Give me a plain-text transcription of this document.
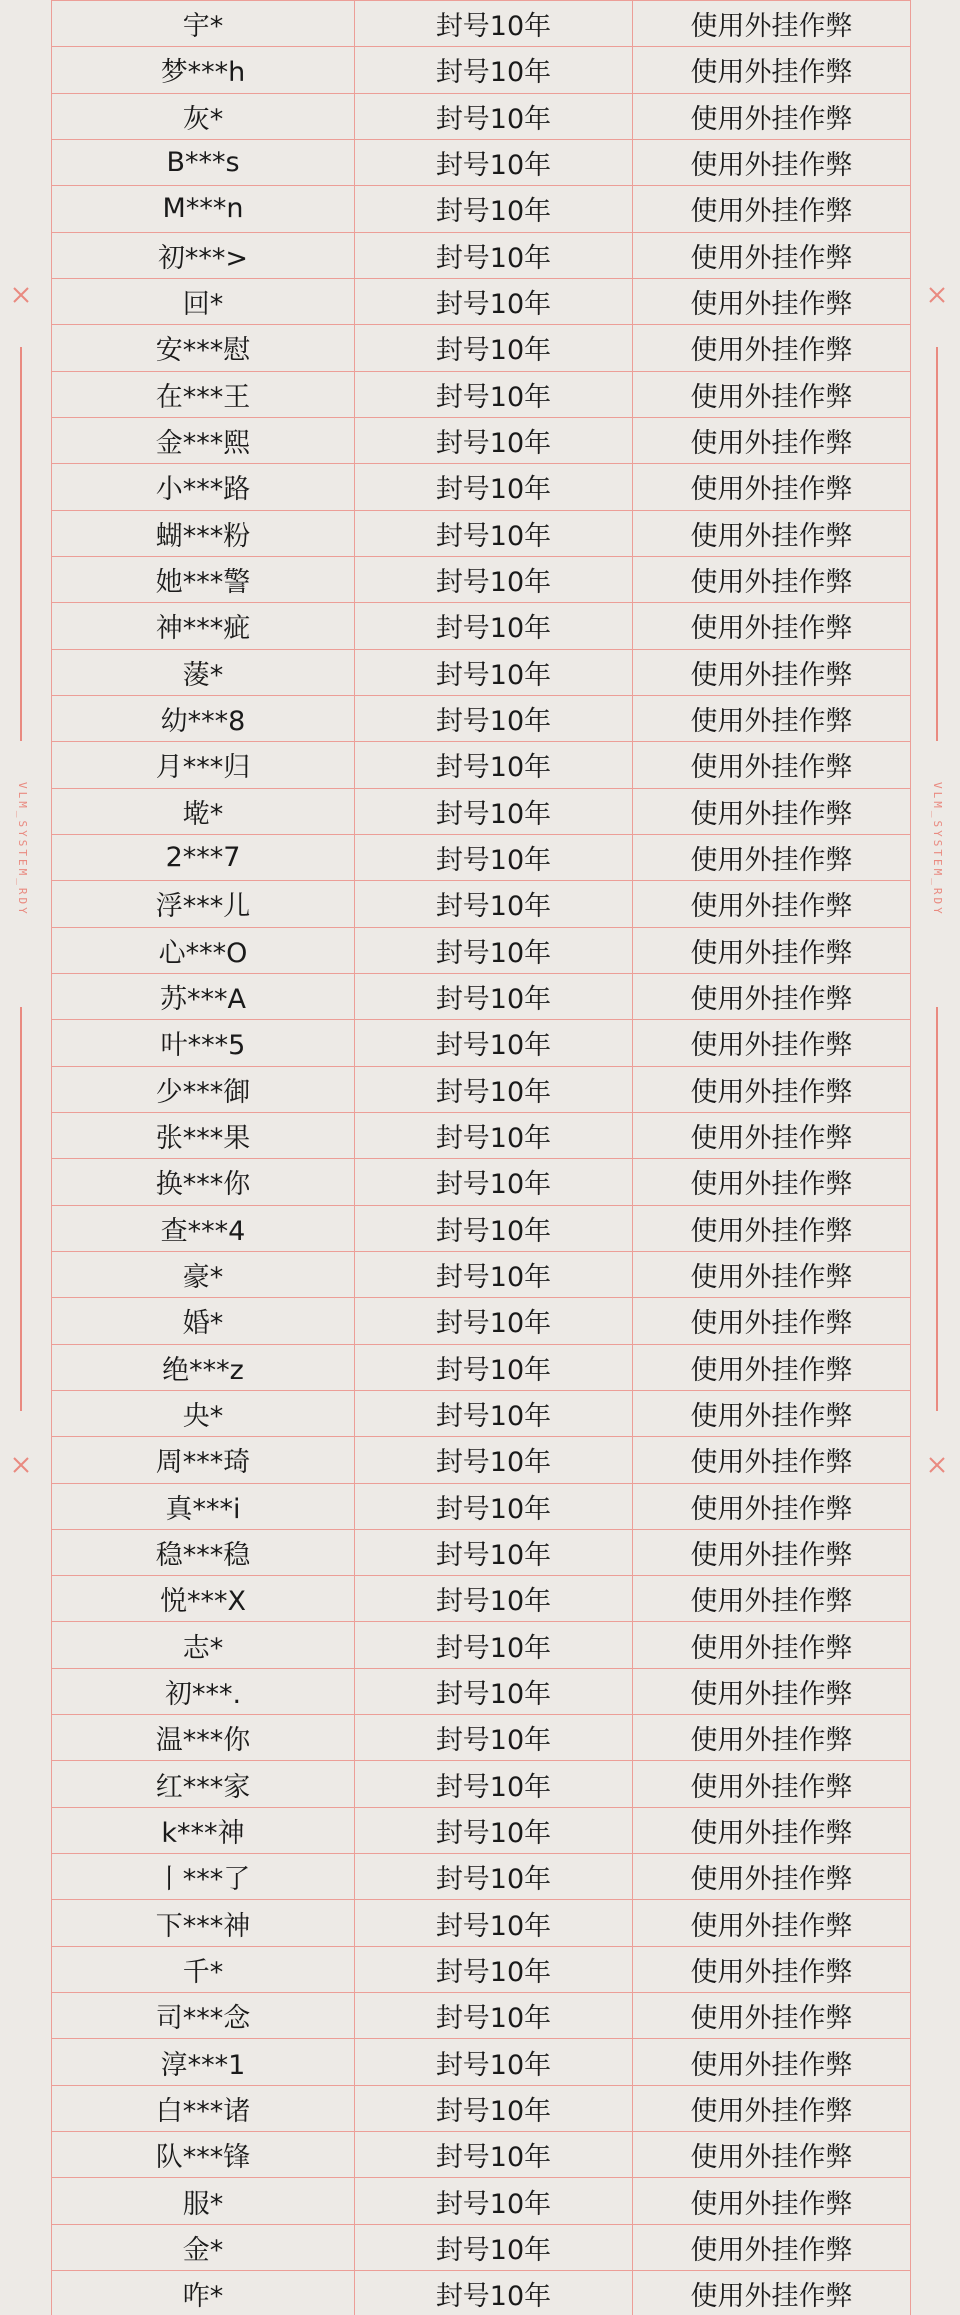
VLM_SYSTEM_RDY	VLM_SYSTEM_RDY
宇*	封号10年	使用外挂作弊
梦***h	封号10年	使用外挂作弊
灰*	封号10年	使用外挂作弊
B***s	封号10年	使用外挂作弊
M***n	封号10年	使用外挂作弊
初***>	封号10年	使用外挂作弊
回*	封号10年	使用外挂作弊
安***慰	封号10年	使用外挂作弊
在***王	封号10年	使用外挂作弊
金***熙	封号10年	使用外挂作弊
小***路	封号10年	使用外挂作弊
蝴***粉	封号10年	使用外挂作弊
她***警	封号10年	使用外挂作弊
神***疵	封号10年	使用外挂作弊
蔆*	封号10年	使用外挂作弊
幼***8	封号10年	使用外挂作弊
月***归	封号10年	使用外挂作弊
墘*	封号10年	使用外挂作弊
2***7	封号10年	使用外挂作弊
浮***儿	封号10年	使用外挂作弊
心***O	封号10年	使用外挂作弊
苏***A	封号10年	使用外挂作弊
叶***5	封号10年	使用外挂作弊
少***御	封号10年	使用外挂作弊
张***果	封号10年	使用外挂作弊
换***你	封号10年	使用外挂作弊
查***4	封号10年	使用外挂作弊
豪*	封号10年	使用外挂作弊
婚*	封号10年	使用外挂作弊
绝***z	封号10年	使用外挂作弊
央*	封号10年	使用外挂作弊
周***琦	封号10年	使用外挂作弊
真***i	封号10年	使用外挂作弊
稳***稳	封号10年	使用外挂作弊
悦***X	封号10年	使用外挂作弊
志*	封号10年	使用外挂作弊
初***.	封号10年	使用外挂作弊
温***你	封号10年	使用外挂作弊
红***家	封号10年	使用外挂作弊
k***神	封号10年	使用外挂作弊
丨***了	封号10年	使用外挂作弊
下***神	封号10年	使用外挂作弊
千*	封号10年	使用外挂作弊
司***念	封号10年	使用外挂作弊
淳***1	封号10年	使用外挂作弊
白***诸	封号10年	使用外挂作弊
队***锋	封号10年	使用外挂作弊
服*	封号10年	使用外挂作弊
金*	封号10年	使用外挂作弊
咋*	封号10年	使用外挂作弊
